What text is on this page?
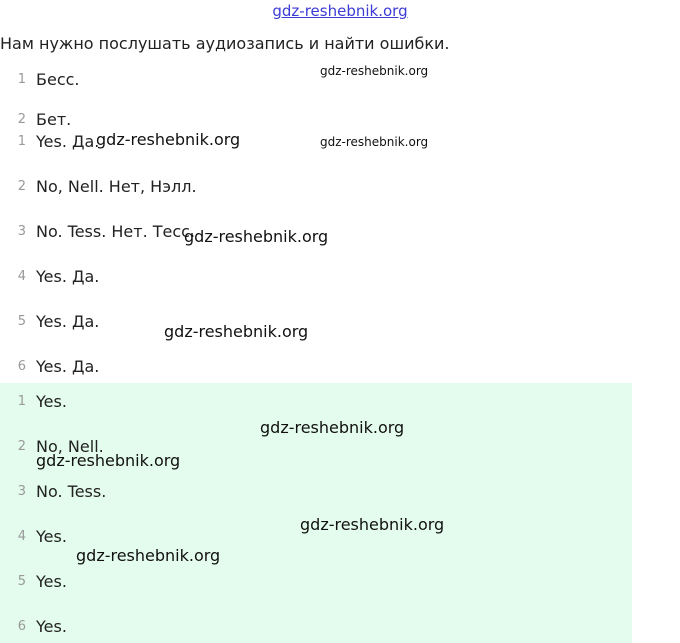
gdz-reshebnik.org
Нам нужно послушать аудиозапись и найти ошибки.
1 Бесс.
2 Бет.
1 Yes. Да.
2 No, Nell. Нет, Нэлл.
3 No. Tess. Нет. Тесс.
4 Yes. Да.
5 Yes. Да.
6 Yes. Да.
1 Yes.
2 No, Nell.
3 No. Tess.
4 Yes.
5 Yes.
6 Yes.
gdz-reshebnik.org
gdz-reshebnik.org
gdz-reshebnik.org
gdz-reshebnik.org
gdz-reshebnik.org
gdz-reshebnik.org
gdz-reshebnik.org
gdz-reshebnik.org
gdz-reshebnik.org
